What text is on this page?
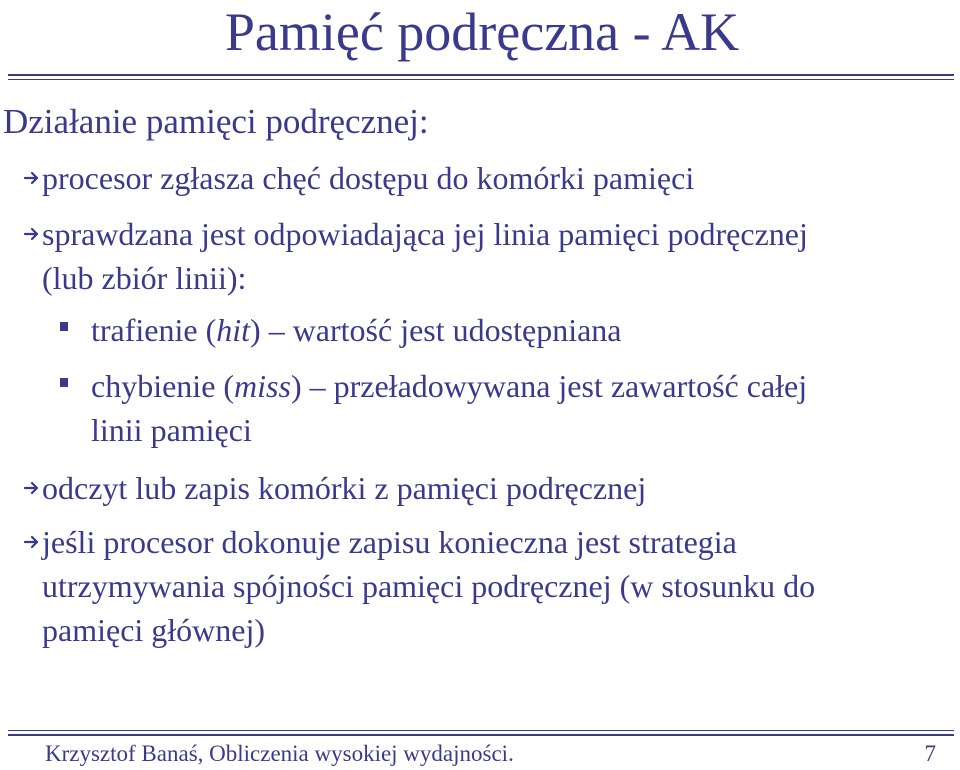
Pamięć podręczna - AK
Działanie pamięci podręcznej:
procesor zgłasza chęć dostępu do komórki pamięci
sprawdzana jest odpowiadająca jej linia pamięci podręcznej
(lub zbiór linii):
trafienie (hit) – wartość jest udostępniana
chybienie (miss) – przeładowywana jest zawartość całej
linii pamięci
odczyt lub zapis komórki z pamięci podręcznej
jeśli procesor dokonuje zapisu konieczna jest strategia
utrzymywania spójności pamięci podręcznej (w stosunku do
pamięci głównej)
Krzysztof Banaś, Obliczenia wysokiej wydajności.	7
